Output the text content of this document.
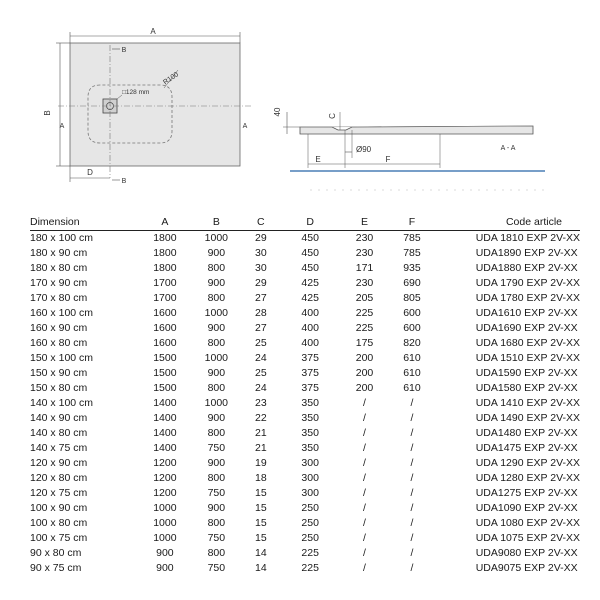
A
B
D
B
B
A	A
□128 mm
40	C
E	F
Ø90	A - A
Dimension	A	B	C	D	E	F	Code article
180 x 100 cm	1800	1000	29	450	230	785	UDA 1810 EXP 2V-XX
180 x 90 cm	1800	900	30	450	230	785	UDA1890 EXP 2V-XX
180 x 80 cm	1800	800	30	450	171	935	UDA1880 EXP 2V-XX
170 x 90 cm	1700	900	29	425	230	690	UDA 1790 EXP 2V-XX
170 x 80 cm	1700	800	27	425	205	805	UDA 1780 EXP 2V-XX
160 x 100 cm	1600	1000	28	400	225	600	UDA1610 EXP 2V-XX
160 x 90 cm	1600	900	27	400	225	600	UDA1690 EXP 2V-XX
160 x 80 cm	1600	800	25	400	175	820	UDA 1680 EXP 2V-XX
150 x 100 cm	1500	1000	24	375	200	610	UDA 1510 EXP 2V-XX
150 x 90 cm	1500	900	25	375	200	610	UDA1590 EXP 2V-XX
150 x 80 cm	1500	800	24	375	200	610	UDA1580 EXP 2V-XX
140 x 100 cm	1400	1000	23	350	/	/	UDA 1410 EXP 2V-XX
140 x 90 cm	1400	900	22	350	/	/	UDA 1490 EXP 2V-XX
140 x 80 cm	1400	800	21	350	/	/	UDA1480 EXP 2V-XX
140 x 75 cm	1400	750	21	350	/	/	UDA1475 EXP 2V-XX
120 x 90 cm	1200	900	19	300	/	/	UDA 1290 EXP 2V-XX
120 x 80 cm	1200	800	18	300	/	/	UDA 1280 EXP 2V-XX
120 x 75 cm	1200	750	15	300	/	/	UDA1275 EXP 2V-XX
100 x 90 cm	1000	900	15	250	/	/	UDA1090 EXP 2V-XX
100 x 80 cm	1000	800	15	250	/	/	UDA 1080 EXP 2V-XX
100 x 75 cm	1000	750	15	250	/	/	UDA 1075 EXP 2V-XX
90 x 80 cm	900	800	14	225	/	/	UDA9080 EXP 2V-XX
90 x 75 cm	900	750	14	225	/	/	UDA9075 EXP 2V-XX
